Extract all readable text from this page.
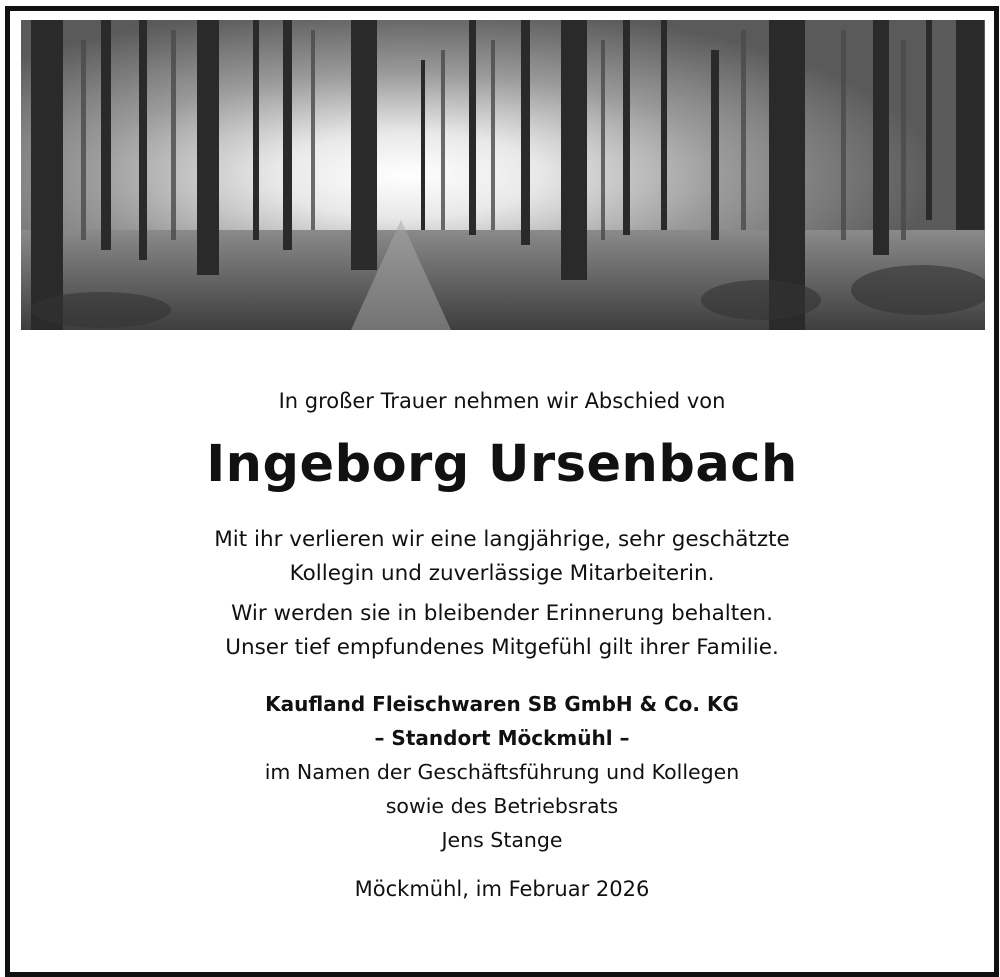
In großer Trauer nehmen wir Abschied von
Ingeborg Ursenbach
Mit ihr verlieren wir eine langjährige, sehr geschätzte
Kollegin und zuverlässige Mitarbeiterin.
Wir werden sie in bleibender Erinnerung behalten.
Unser tief empfundenes Mitgefühl gilt ihrer Familie.
Kaufland Fleischwaren SB GmbH & Co. KG
– Standort Möckmühl –
im Namen der Geschäftsführung und Kollegen
sowie des Betriebsrats
Jens Stange
Möckmühl, im Februar 2026
